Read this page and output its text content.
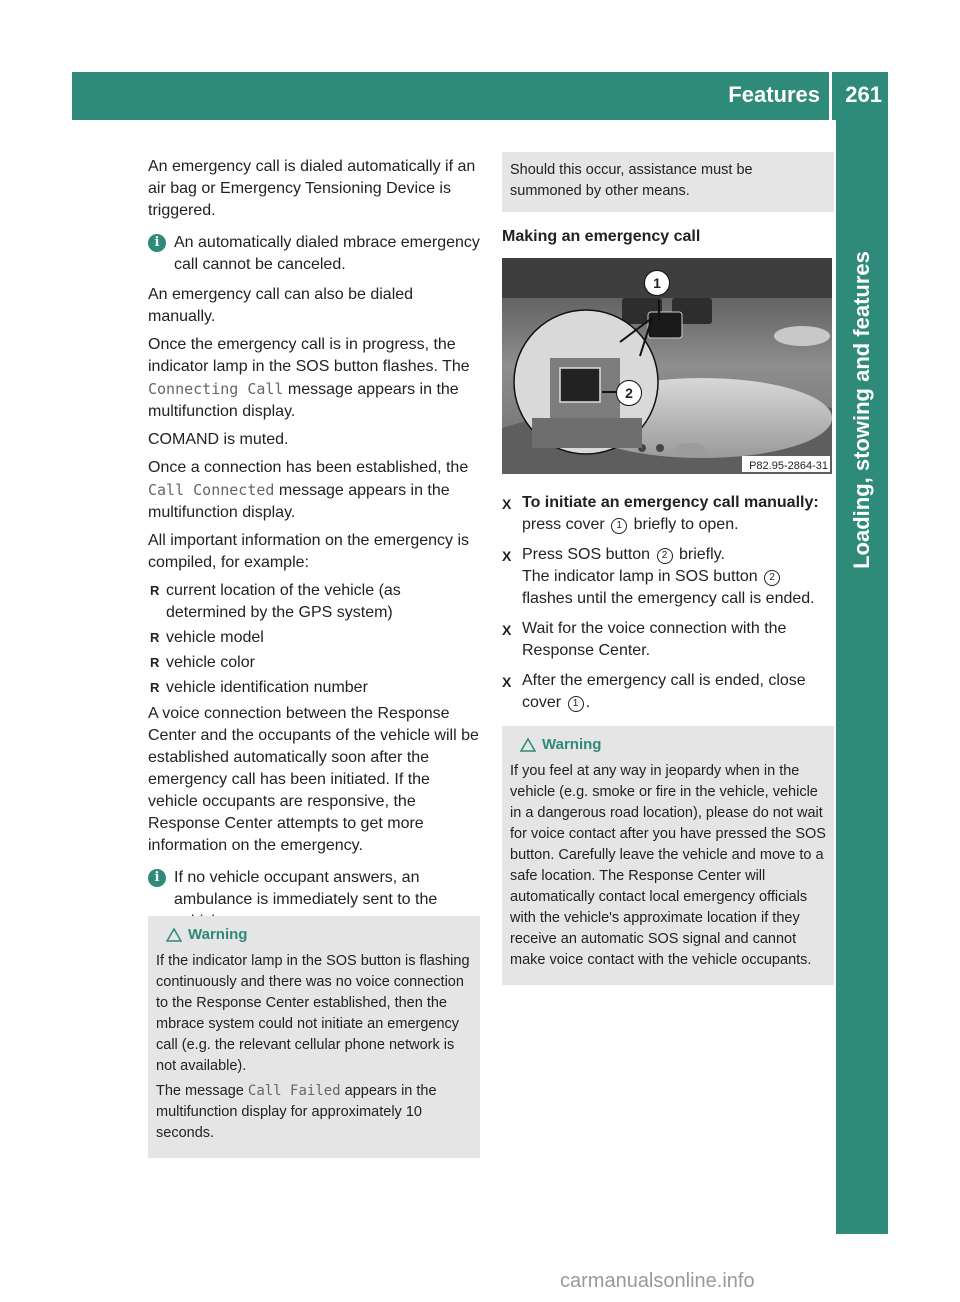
Features 261
Loading, stowing and features

An emergency call is dialed automatically if an air bag or Emergency Tensioning Device is triggered.

i An automatically dialed mbrace emergency call cannot be canceled.

An emergency call can also be dialed manually.

Once the emergency call is in progress, the indicator lamp in the SOS button flashes. The Connecting Call message appears in the multifunction display.

COMAND is muted.

Once a connection has been established, the Call Connected message appears in the multifunction display.

All important information on the emergency is compiled, for example:

R current location of the vehicle (as determined by the GPS system)
R vehicle model
R vehicle color
R vehicle identification number

A voice connection between the Response Center and the occupants of the vehicle will be established automatically soon after the emergency call has been initiated. If the vehicle occupants are responsive, the Response Center attempts to get more information on the emergency.

i If no vehicle occupant answers, an ambulance is immediately sent to the
Warning

If the indicator lamp in the SOS button is flashing continuously and there was no voice connection to the Response Center established, then the mbrace system could not initiate an emergency call (e.g. the relevant cellular phone network is not available).

The message Call Failed appears in the multifunction display for approximately 10 seconds.

Should this occur, assistance must be summoned by other means.
Making an emergency call
1
2
P82.95-2864-31
X To initiate an emergency call manually: press cover 1 briefly to open.
X Press SOS button 2 briefly.
The indicator lamp in SOS button 2 flashes until the emergency call is ended.
X Wait for the voice connection with the Response Center.
X After the emergency call is ended, close cover 1 .
Warning

If you feel at any way in jeopardy when in the vehicle (e.g. smoke or fire in the vehicle, vehicle in a dangerous road location), please do not wait for voice contact after you have pressed the SOS button. Carefully leave the vehicle and move to a safe location. The Response Center will automatically contact local emergency officials with the vehicle's approximate location if they receive an automatic SOS signal and cannot make voice contact with the vehicle occupants.

carmanualsonline.info
